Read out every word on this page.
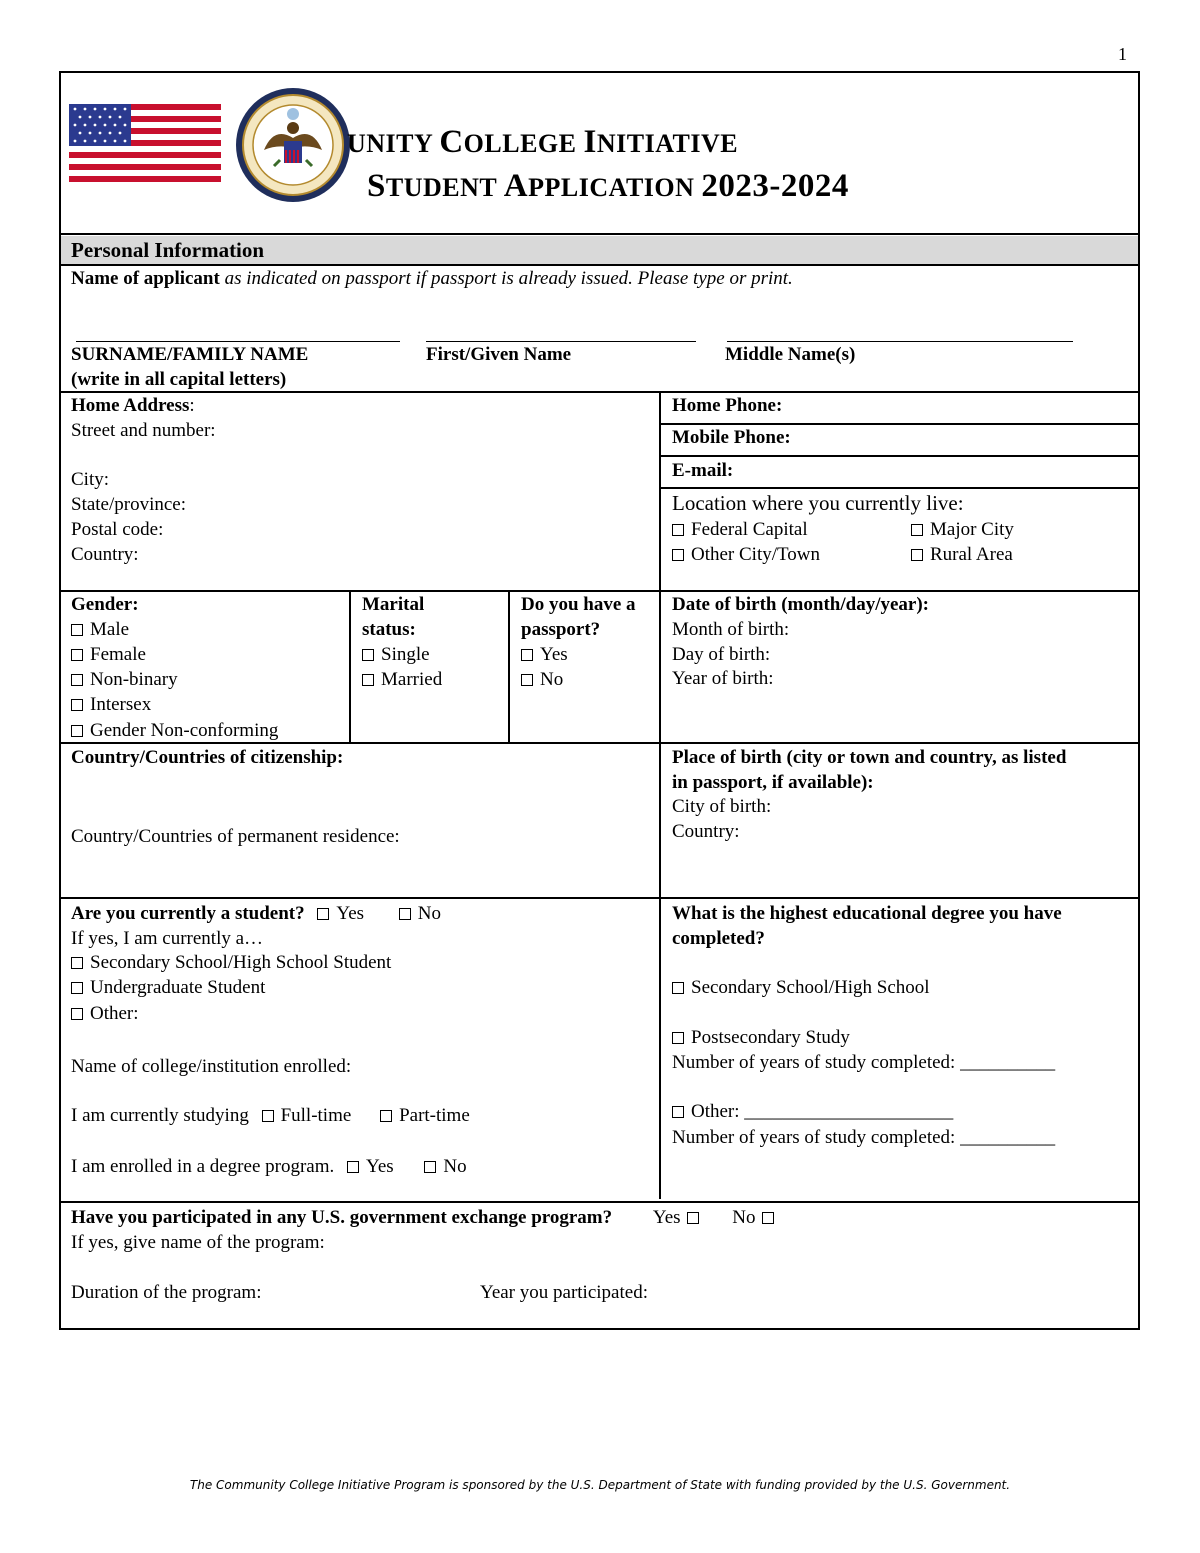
1
UNITY COLLEGE INITIATIVE
STUDENT APPLICATION 2023-2024
Personal Information
Name of applicant as indicated on passport if passport is already issued. Please type or print.
SURNAME/FAMILY NAME
(write in all capital letters)
First/Given Name	Middle Name(s)
Home Address:
Street and number:
City:
State/province:
Postal code:
Country:
Home Phone:
Mobile Phone:
E-mail:
Location where you currently live:
Federal Capital	Major City
Other City/Town	Rural Area
Gender:
Male
Female
Non-binary
Intersex
Gender Non-conforming
Marital
status:
Single
Married
Do you have a
passport?
Yes
No
Date of birth (month/day/year):
Month of birth:
Day of birth:
Year of birth:
Country/Countries of citizenship:
Country/Countries of permanent residence:
Place of birth (city or town and country, as listed
in passport, if available):
City of birth:
Country:
Are you currently a student? Yes	No
If yes, I am currently a…
Secondary School/High School Student
Undergraduate Student
Other:
Name of college/institution enrolled:
I am currently studying Full-time	Part-time
I am enrolled in a degree program. Yes	No
What is the highest educational degree you have
completed?
Secondary School/High School
Postsecondary Study
Number of years of study completed: __________
Other: ______________________
Number of years of study completed: __________
Have you participated in any U.S. government exchange program? Yes	No
If yes, give name of the program:
Duration of the program:	Year you participated:
The Community College Initiative Program is sponsored by the U.S. Department of State with funding provided by the U.S. Government.
